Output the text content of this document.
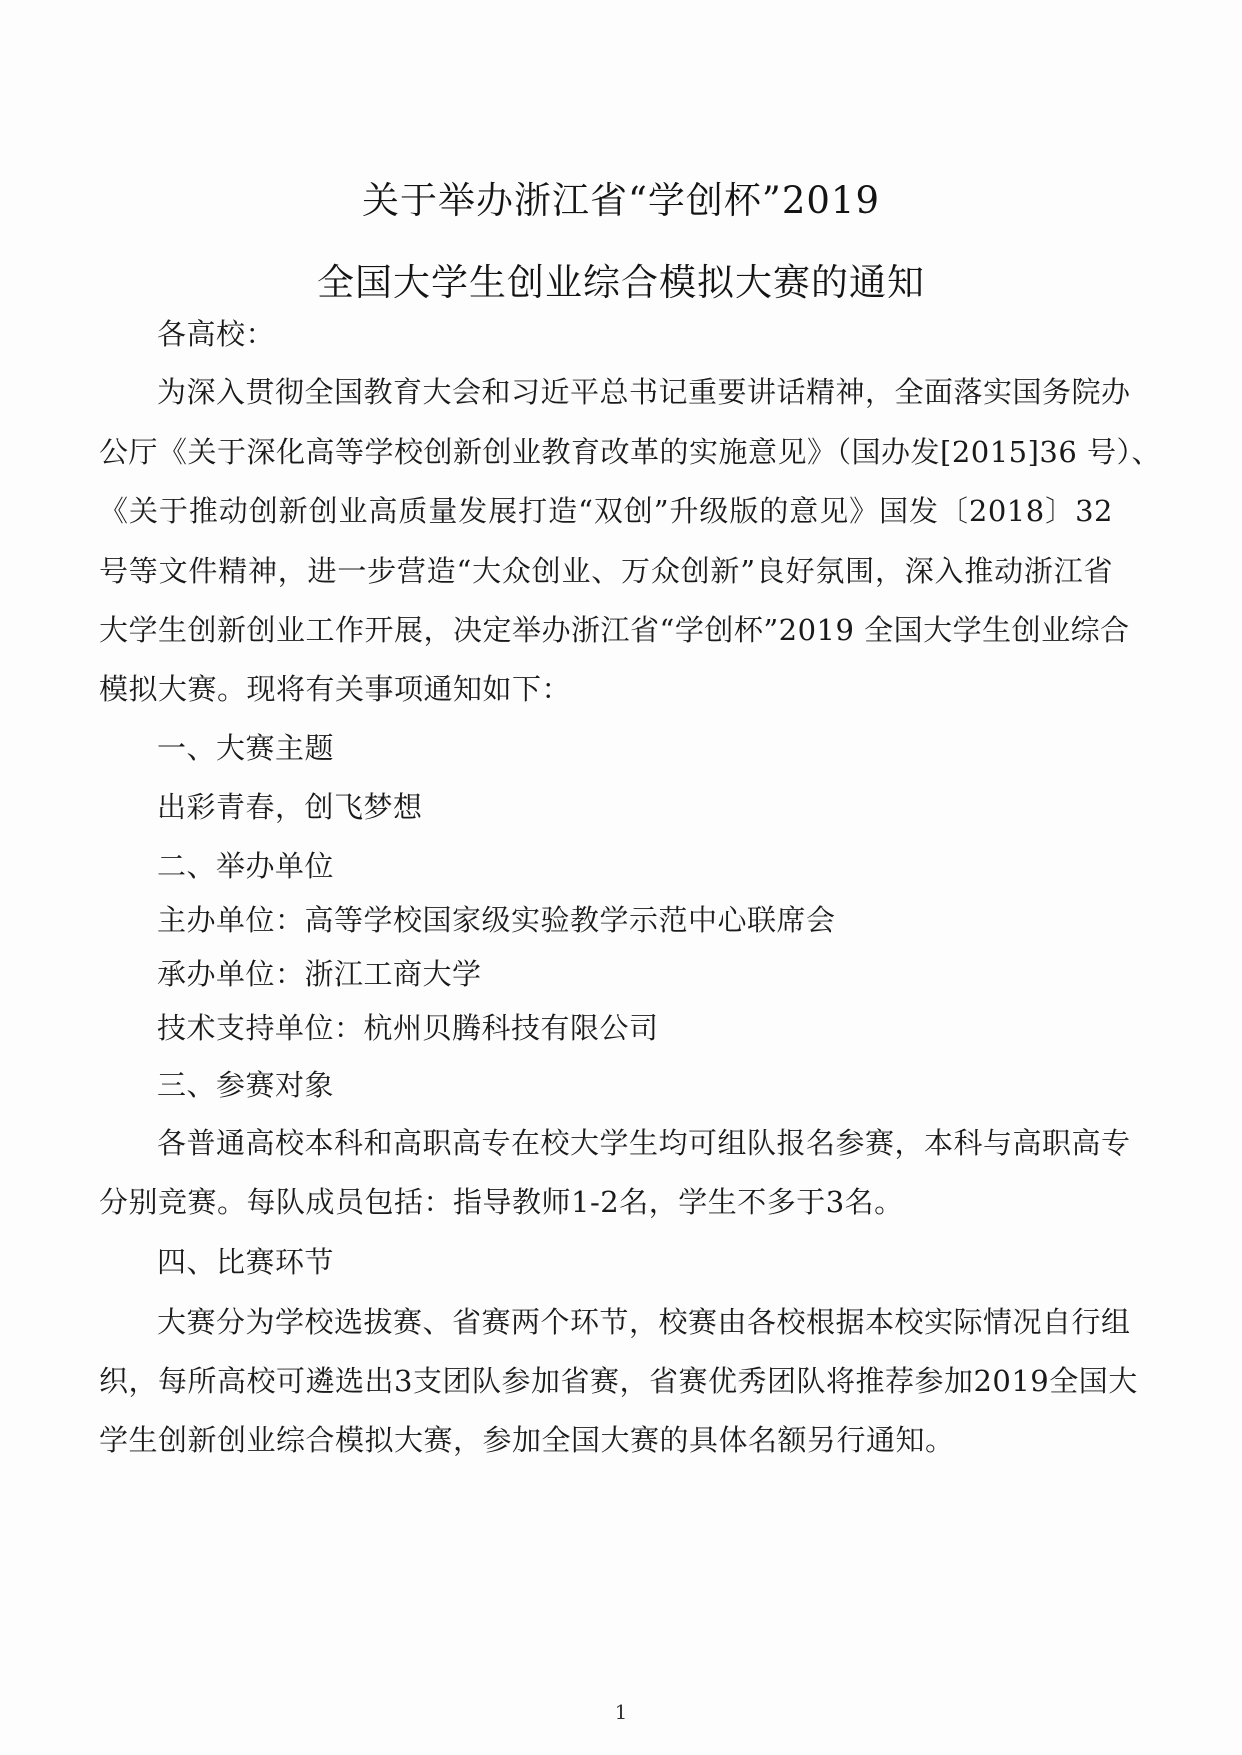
关于举办浙江省“学创杯”2019
全国大学生创业综合模拟大赛的通知
各高校：
为深入贯彻全国教育大会和习近平总书记重要讲话精神，全面落实国务院办
公厅《关于深化高等学校创新创业教育改革的实施意见》（国办发[2015]36 号）、
《关于推动创新创业高质量发展打造“双创”升级版的意见》国发〔2018〕32
号等文件精神，进一步营造“大众创业、万众创新”良好氛围，深入推动浙江省
大学生创新创业工作开展，决定举办浙江省“学创杯”2019 全国大学生创业综合
模拟大赛。现将有关事项通知如下：
一、大赛主题
出彩青春，创飞梦想
二、举办单位
主办单位：高等学校国家级实验教学示范中心联席会
承办单位：浙江工商大学
技术支持单位：杭州贝腾科技有限公司
三、参赛对象
各普通高校本科和高职高专在校大学生均可组队报名参赛，本科与高职高专
分别竞赛。每队成员包括：指导教师1-2名，学生不多于3名。
四、比赛环节
大赛分为学校选拔赛、省赛两个环节，校赛由各校根据本校实际情况自行组
织，每所高校可遴选出3支团队参加省赛，省赛优秀团队将推荐参加2019全国大
学生创新创业综合模拟大赛，参加全国大赛的具体名额另行通知。
1
